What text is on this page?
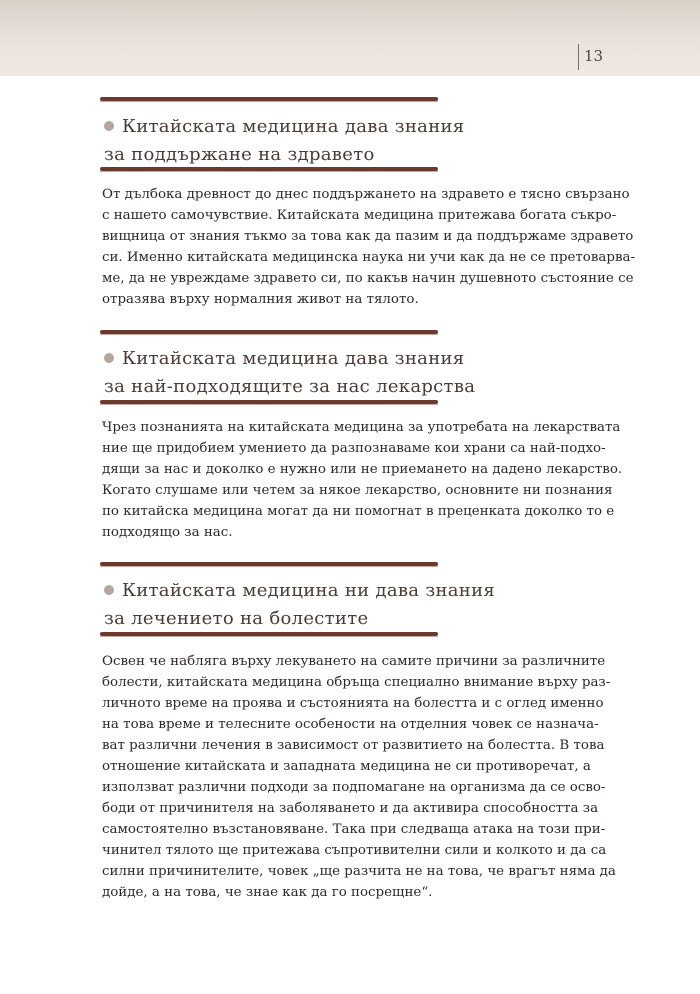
13
Китайската медицина дава знания
за поддържане на здравето
От дълбока древност до днес поддържането на здравето е тясно свързано
с нашето самочувствие. Китайската медицина притежава богата съкро-
вищница от знания тъкмо за това как да пазим и да поддържаме здравето
си. Именно китайската медицинска наука ни учи как да не се претоварва-
ме, да не увреждаме здравето си, по какъв начин душевното състояние се
отразява върху нормалния живот на тялото.
Китайската медицина дава знания
за най-подходящите за нас лекарства
Чрез познанията на китайската медицина за употребата на лекарствата
ние ще придобием умението да разпознаваме кои храни са най-подхо-
дящи за нас и доколко е нужно или не приемането на дадено лекарство.
Когато слушаме или четем за някое лекарство, основните ни познания
по китайска медицина могат да ни помогнат в преценката доколко то е
подходящо за нас.
Китайската медицина ни дава знания
за лечението на болестите
Освен че набляга върху лекуването на самите причини за различните
болести, китайската медицина обръща специално внимание върху раз-
личното време на проява и състоянията на болестта и с оглед именно
на това време и телесните особености на отделния човек се назнача-
ват различни лечения в зависимост от развитието на болестта. В това
отношение китайската и западната медицина не си противоречат, а
използват различни подходи за подпомагане на организма да се осво-
боди от причинителя на заболяването и да активира способността за
самостоятелно възстановяване. Така при следваща атака на този при-
чинител тялото ще притежава съпротивителни сили и колкото и да са
силни причинителите, човек „ще разчита не на това, че врагът няма да
дойде, а на това, че знае как да го посрещне“.
